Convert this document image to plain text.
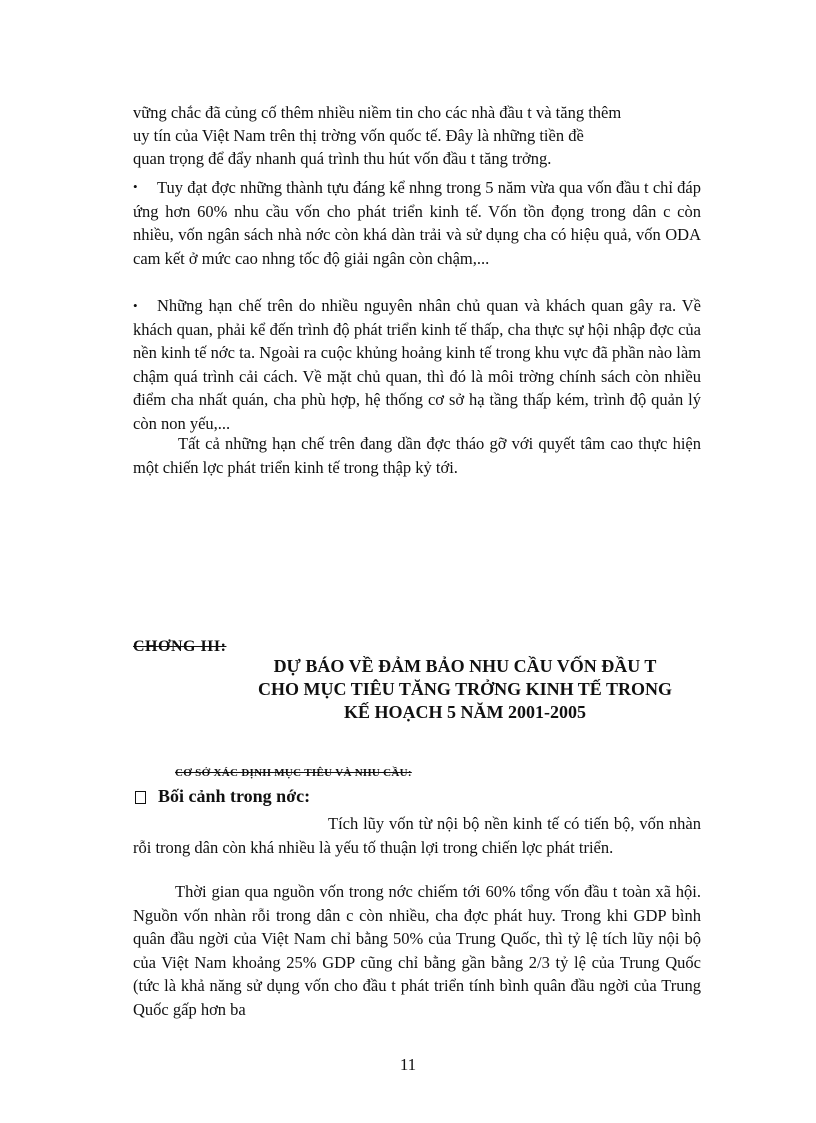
vững chắc đã củng cố thêm nhiều niềm tin cho các nhà đầu t và tăng thêm
uy tín của Việt Nam trên thị trờng vốn quốc tế. Đây là những tiền đề
quan trọng để đẩy nhanh quá trình thu hút vốn đầu t tăng trởng.
•	Tuy đạt đợc những thành tựu đáng kể nhng trong 5 năm vừa qua vốn đầu t chỉ đáp ứng hơn 60% nhu cầu vốn cho phát triển kinh tế. Vốn tồn đọng trong dân c còn nhiều, vốn ngân sách nhà nớc còn khá dàn trải và sử dụng cha có hiệu quả, vốn ODA cam kết ở mức cao nhng tốc độ giải ngân còn chậm,...
•	Những hạn chế trên do nhiều nguyên nhân chủ quan và khách quan gây ra. Về khách quan, phải kể đến trình độ phát triển kinh tế thấp, cha thực sự hội nhập đợc của nền kinh tế nớc ta. Ngoài ra cuộc khủng hoảng kinh tế trong khu vực đã phần nào làm chậm quá trình cải cách. Về mặt chủ quan, thì đó là môi trờng chính sách còn nhiều điểm cha nhất quán, cha phù hợp, hệ thống cơ sở hạ tầng thấp kém, trình độ quản lý còn non yếu,...
Tất cả những hạn chế trên đang dần đợc tháo gỡ với quyết tâm cao thực hiện một chiến lợc phát triển kinh tế trong thập kỷ tới.
CHƠNG III:
DỰ BÁO VỀ ĐẢM BẢO NHU CẦU VỐN ĐẦU T
CHO MỤC TIÊU TĂNG TRỞNG KINH TẾ TRONG
KẾ HOẠCH 5 NĂM 2001-2005
CƠ SỞ XÁC ĐỊNH MỤC TIÊU VÀ NHU CẦU:
Bối cảnh trong nớc:
Tích lũy vốn từ nội bộ nền kinh tế có tiến bộ, vốn nhàn rỗi trong dân còn khá nhiều là yếu tố thuận lợi trong chiến lợc phát triển.
Thời gian qua nguồn vốn trong nớc chiếm tới 60% tổng vốn đầu t toàn xã hội. Nguồn vốn nhàn rỗi trong dân c còn nhiều, cha đợc phát huy. Trong khi GDP bình quân đầu ngời của Việt Nam chỉ bằng 50% của Trung Quốc, thì tỷ lệ tích lũy nội bộ của Việt Nam khoảng 25% GDP cũng chỉ bằng gần bằng 2/3 tỷ lệ của Trung Quốc (tức là khả năng sử dụng vốn cho đầu t phát triển tính bình quân đầu ngời của Trung Quốc gấp hơn ba
11
